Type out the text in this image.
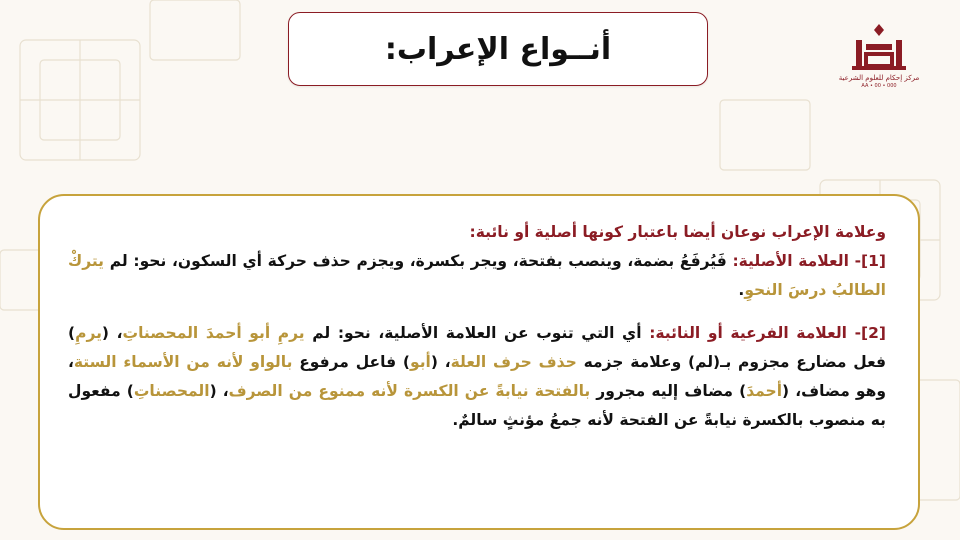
أنــواع الإعراب:
مركز إحكام للعلوم الشرعية
AA • 00 • 000
وعلامة الإعراب نوعان أيضا باعتبار كونها أصلية أو نائبة:
[1]- العلامة الأصلية: فَيُرفَعُ بضمة، وينصب بفتحة، ويجر بكسرة، ويجزم حذف حركة أي السكون، نحو: لم يتركْ الطالبُ درسَ النحوِ.
[2]- العلامة الفرعية أو النائبة: أي التي تنوب عن العلامة الأصلية، نحو: لم يرمِ أبو أحمدَ المحصناتِ، (يرمِ) فعل مضارع مجزوم بـ(لم) وعلامة جزمه حذف حرف العلة، (أبو) فاعل مرفوع بالواو لأنه من الأسماء الستة، وهو مضاف، (أحمدَ) مضاف إليه مجرور بالفتحة نيابةً عن الكسرة لأنه ممنوع من الصرف، (المحصناتِ) مفعول به منصوب بالكسرة نيابةً عن الفتحة لأنه جمعُ مؤنثٍ سالمٌ.
